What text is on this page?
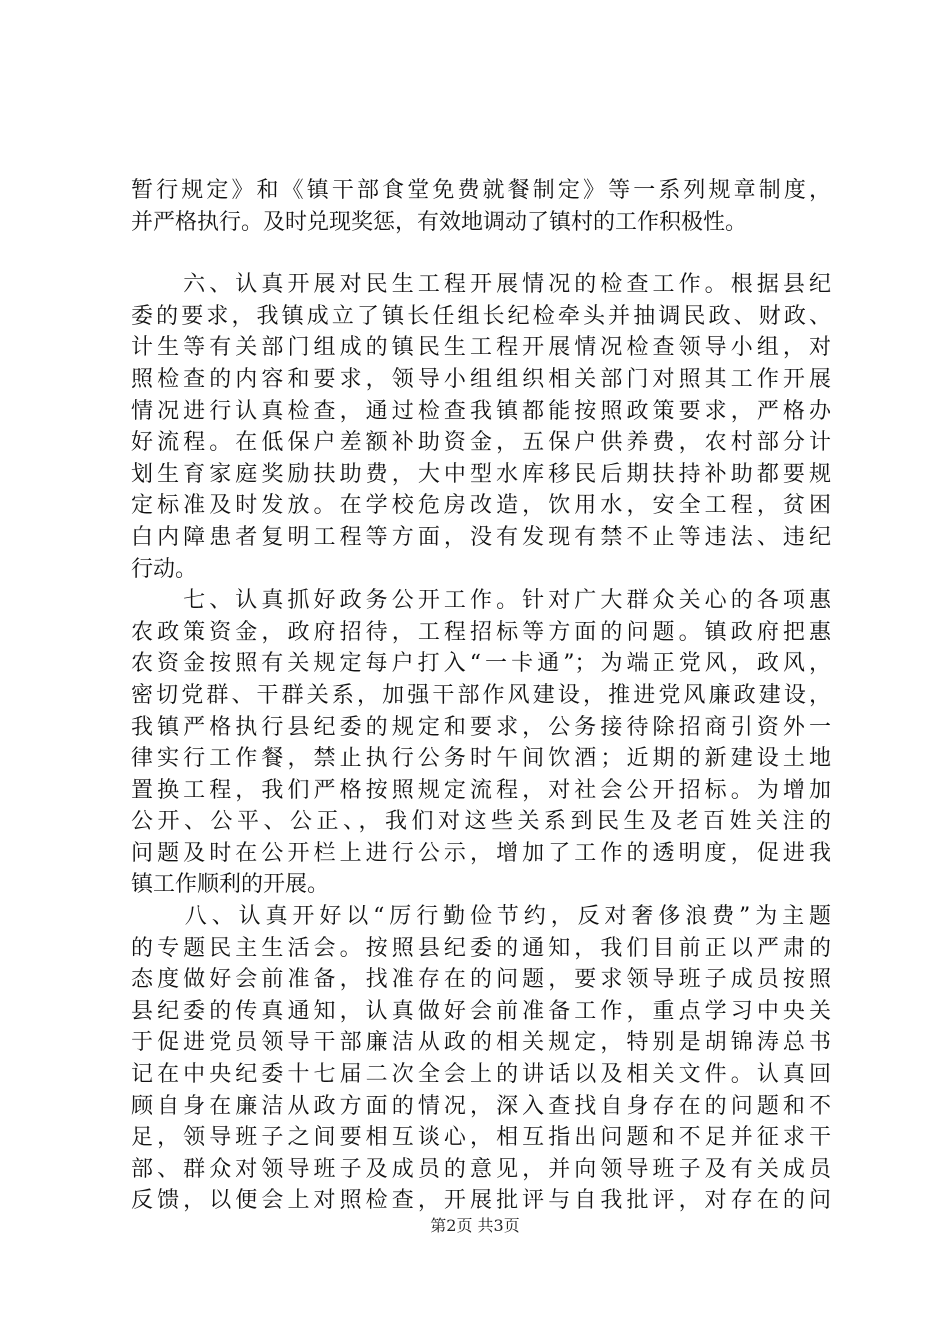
暂行规定》和《镇干部食堂免费就餐制定》等一系列规章制度，
并严格执行。及时兑现奖惩，有效地调动了镇村的工作积极性。
　　六、认真开展对民生工程开展情况的检查工作。根据县纪
委的要求，我镇成立了镇长任组长纪检牵头并抽调民政、财政、
计生等有关部门组成的镇民生工程开展情况检查领导小组，对
照检查的内容和要求，领导小组组织相关部门对照其工作开展
情况进行认真检查，通过检查我镇都能按照政策要求，严格办
好流程。在低保户差额补助资金，五保户供养费，农村部分计
划生育家庭奖励扶助费，大中型水库移民后期扶持补助都要规
定标准及时发放。在学校危房改造，饮用水，安全工程，贫困
白内障患者复明工程等方面，没有发现有禁不止等违法、违纪
行动。
　　七、认真抓好政务公开工作。针对广大群众关心的各项惠
农政策资金，政府招待，工程招标等方面的问题。镇政府把惠
农资金按照有关规定每户打入“一卡通”；为端正党风，政风，
密切党群、干群关系，加强干部作风建设，推进党风廉政建设，
我镇严格执行县纪委的规定和要求，公务接待除招商引资外一
律实行工作餐，禁止执行公务时午间饮酒；近期的新建设土地
置换工程，我们严格按照规定流程，对社会公开招标。为增加
公开、公平、公正、，我们对这些关系到民生及老百姓关注的
问题及时在公开栏上进行公示，增加了工作的透明度，促进我
镇工作顺利的开展。
　　八、认真开好以“厉行勤俭节约，反对奢侈浪费”为主题
的专题民主生活会。按照县纪委的通知，我们目前正以严肃的
态度做好会前准备，找准存在的问题，要求领导班子成员按照
县纪委的传真通知，认真做好会前准备工作，重点学习中央关
于促进党员领导干部廉洁从政的相关规定，特别是胡锦涛总书
记在中央纪委十七届二次全会上的讲话以及相关文件。认真回
顾自身在廉洁从政方面的情况，深入查找自身存在的问题和不
足，领导班子之间要相互谈心，相互指出问题和不足并征求干
部、群众对领导班子及成员的意见，并向领导班子及有关成员
反馈，以便会上对照检查，开展批评与自我批评，对存在的问
第2页 共3页
